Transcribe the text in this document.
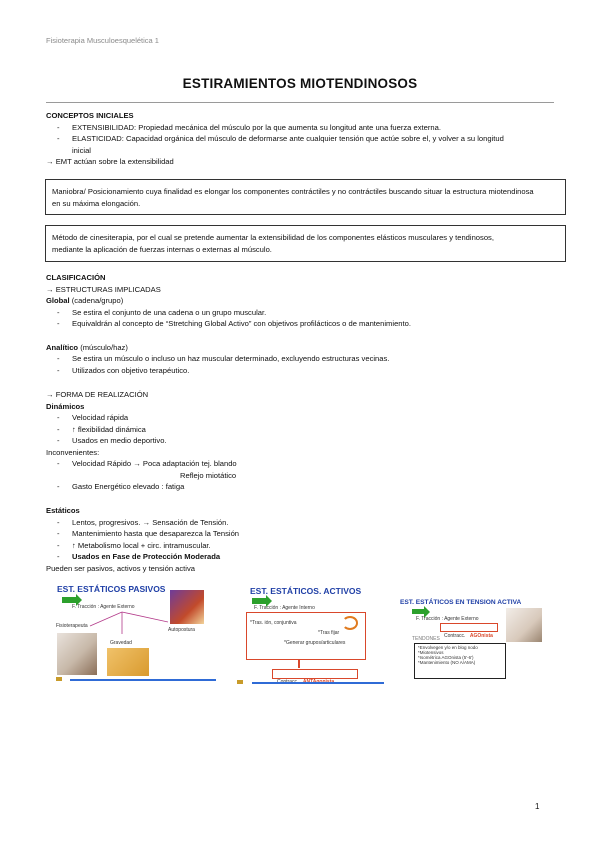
Fisioterapia Musculoesquelética 1
ESTIRAMIENTOS MIOTENDINOSOS
CONCEPTOS INICIALES
- EXTENSIBILIDAD: Propiedad mecánica del músculo por la que aumenta su longitud ante una fuerza externa.
- ELASTICIDAD: Capacidad orgánica del músculo de deformarse ante cualquier tensión que actúe sobre el, y volver a su longitud
inicial
→ EMT actúan sobre la extensibilidad
Maniobra/ Posicionamiento cuya finalidad es elongar los componentes contráctiles y no contráctiles buscando situar la estructura miotendinosa
en su máxima elongación.
Método de cinesiterapia, por el cual se pretende aumentar la extensibilidad de los componentes elásticos musculares y tendinosos,
mediante la aplicación de fuerzas internas o externas al músculo.
CLASIFICACIÓN
→ ESTRUCTURAS IMPLICADAS
Global (cadena/grupo)
- Se estira el conjunto de una cadena o un grupo muscular.
- Equivaldrán al concepto de “Stretching Global Activo” con objetivos profilácticos o de mantenimiento.
Analítico (músculo/haz)
- Se estira un músculo o incluso un haz muscular determinado, excluyendo estructuras vecinas.
- Utilizados con objetivo terapéutico.
→ FORMA DE REALIZACIÓN
Dinámicos
- Velocidad rápida
- ↑ flexibilidad dinámica
- Usados en medio deportivo.
Inconvenientes:
- Velocidad Rápido → Poca adaptación tej. blando
Reflejo miotático
- Gasto Energético elevado : fatiga
Estáticos
- Lentos, progresivos. → Sensación de Tensión.
- Mantenimiento hasta que desaparezca la Tensión
- ↑ Metabolismo local + circ. intramuscular.
- Usados en Fase de Protección Moderada
Pueden ser pasivos, activos y tensión activa
EST. ESTÁTICOS PASIVOS
F. Tracción : Agente Externo
Fisioterapeuta
Gravedad
Autopostura
EST. ESTÁTICOS. ACTIVOS
F. Tracción : Agente Interno
*Tras. ión, conjuntiva
*Tras fijar
*Generar grupos/articulares
EST. ESTÁTICOS EN TENSION ACTIVA
F. Tracción : Agente Externo
Contracc. AGOnista
TENDONES
*Envolvegen y/o en blog nodo
*Miotensivos
*Isométrica AGOnista (5'-6')
*Mantenimiento (NO A/AMA)
1
